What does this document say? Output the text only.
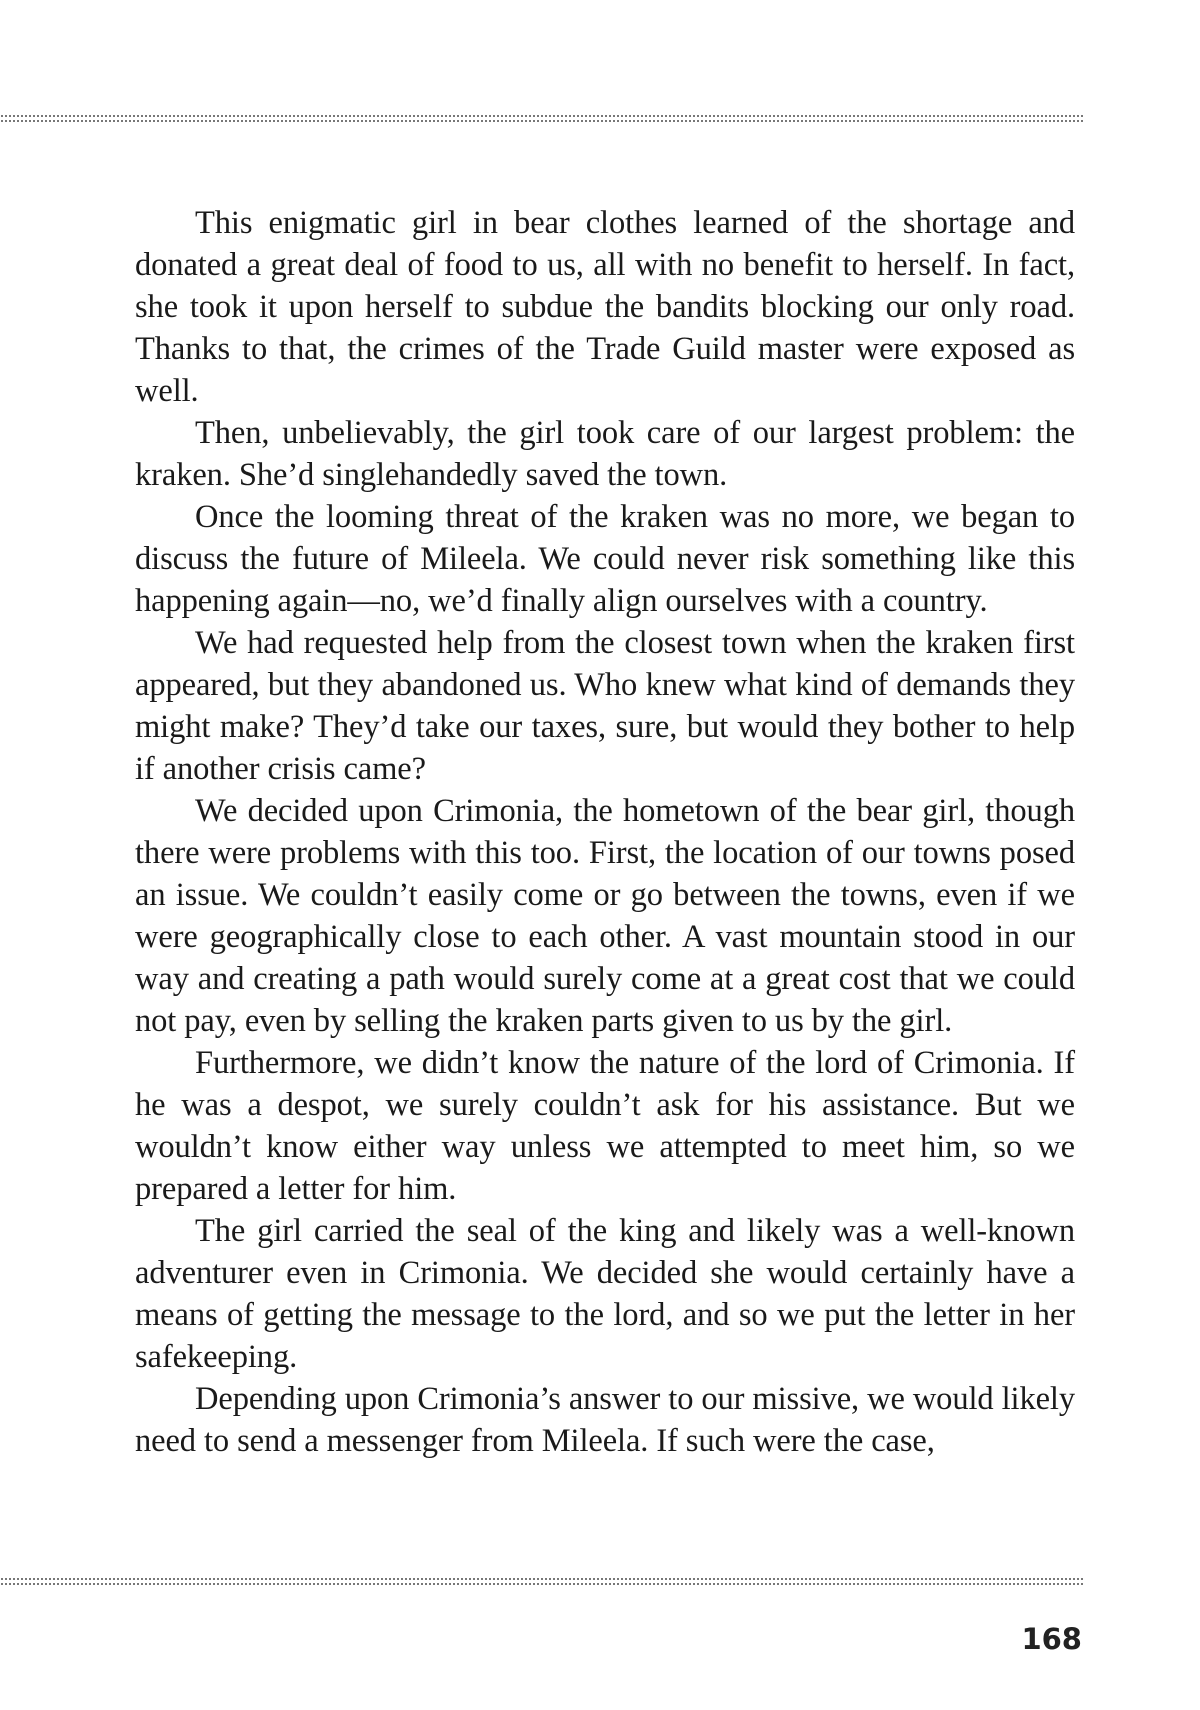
This enigmatic girl in bear clothes learned of the shortage and donated a great deal of food to us, all with no benefit to herself. In fact, she took it upon herself to subdue the bandits blocking our only road. Thanks to that, the crimes of the Trade Guild master were exposed as well.

Then, unbelievably, the girl took care of our largest problem: the kraken. She’d singlehandedly saved the town.

Once the looming threat of the kraken was no more, we began to discuss the future of Mileela. We could never risk something like this happening again—no, we’d finally align ourselves with a country.

We had requested help from the closest town when the kraken first appeared, but they abandoned us. Who knew what kind of demands they might make? They’d take our taxes, sure, but would they bother to help if another crisis came?

We decided upon Crimonia, the hometown of the bear girl, though there were problems with this too. First, the location of our towns posed an issue. We couldn’t easily come or go between the towns, even if we were geographically close to each other. A vast mountain stood in our way and creating a path would surely come at a great cost that we could not pay, even by selling the kraken parts given to us by the girl.

Furthermore, we didn’t know the nature of the lord of Crimonia. If he was a despot, we surely couldn’t ask for his assistance. But we wouldn’t know either way unless we attempted to meet him, so we prepared a letter for him.

The girl carried the seal of the king and likely was a well-known adventurer even in Crimonia. We decided she would certainly have a means of getting the message to the lord, and so we put the letter in her safekeeping.

Depending upon Crimonia’s answer to our missive, we would likely need to send a messenger from Mileela. If such were the case,

168
